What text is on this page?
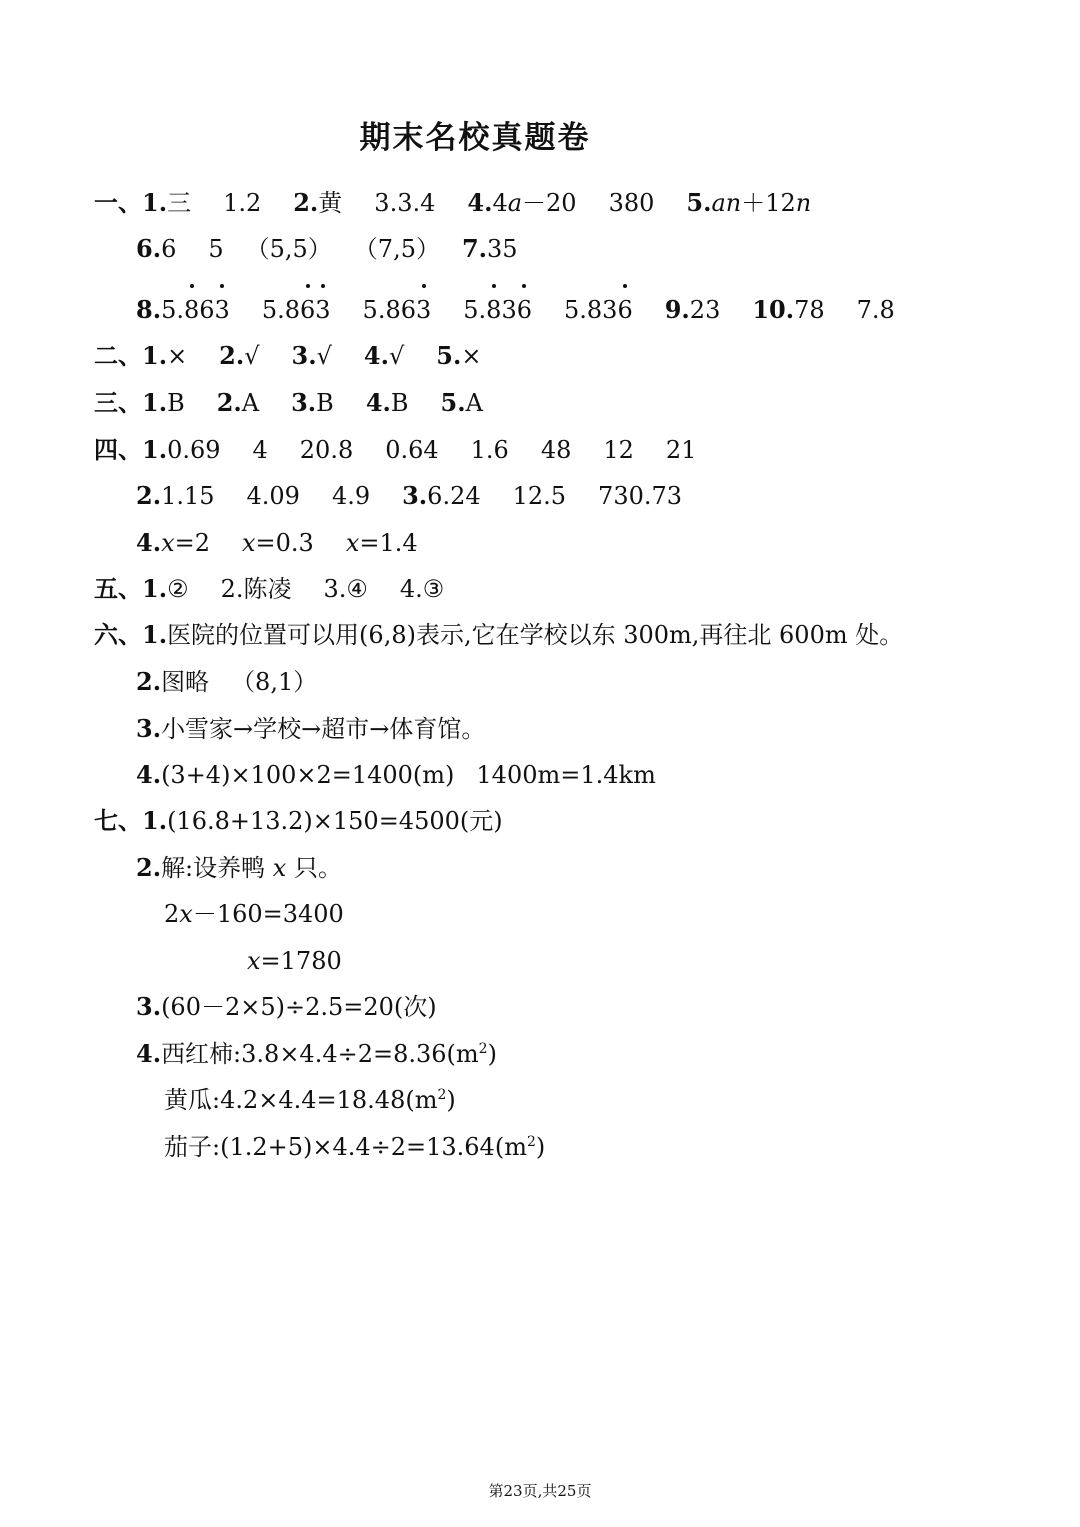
期末名校真题卷
一、1.三 1.2 2.黄 3.3.4 4.4a－20 380 5.an＋12n
6.6 5 （5,5） （7,5） 7.35
8.5.863 5.863 5.863 5.836 5.836 9.23 10.78 7.8
二、1.× 2.√ 3.√ 4.√ 5.×
三、1.B 2.A 3.B 4.B 5.A
四、1.0.69 4 20.8 0.64 1.6 48 12 21
2.1.15 4.09 4.9 3.6.24 12.5 730.73
4.x=2 x=0.3 x=1.4
五、1.② 2.陈凌 3.④ 4.③
六、1.医院的位置可以用(6,8)表示,它在学校以东 300m,再往北 600m 处。
2.图略 （8,1）
3.小雪家→学校→超市→体育馆。
4.(3+4)×100×2=1400(m) 1400m=1.4km
七、1.(16.8+13.2)×150=4500(元)
2.解:设养鸭 x 只。
2x－160=3400
x=1780
3.(60－2×5)÷2.5=20(次)
4.西红柿$:3.8\times 4.4\div 2=8.36(m^2)$
黄瓜$:4.2\times 4.4=18.48(m^2)$
茄子$:(1.2+5)\times 4.4\div 2=13.64(m^2)$
第23页,共25页
